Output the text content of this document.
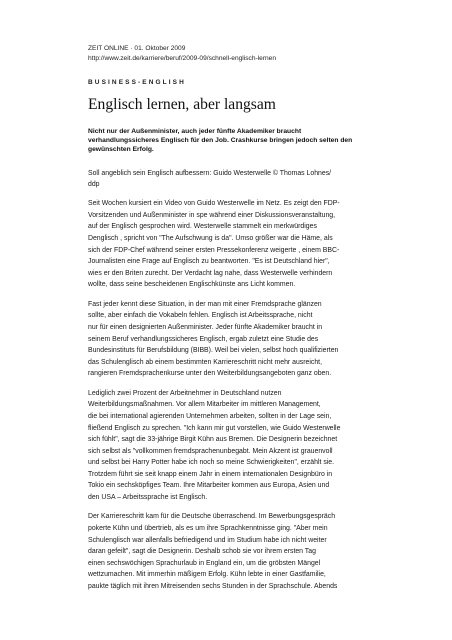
ZEIT ONLINE · 01. Oktober 2009
http://www.zeit.de/karriere/beruf/2009-09/schnell-englisch-lernen
BUSINESS-ENGLISH
Englisch lernen, aber langsam
Nicht nur der Außenminister, auch jeder fünfte Akademiker braucht
verhandlungssicheres Englisch für den Job. Crashkurse bringen jedoch selten den
gewünschten Erfolg.
Soll angeblich sein Englisch aufbessern: Guido Westerwelle © Thomas Lohnes/
ddp
Seit Wochen kursiert ein Video von Guido Westerwelle im Netz. Es zeigt den FDP-
Vorsitzenden und Außenminister in spe während einer Diskussionsveranstaltung,
auf der Englisch gesprochen wird. Westerwelle stammelt ein merkwürdiges
Denglisch , spricht von "The Aufschwung is da". Umso größer war die Häme, als
sich der FDP-Chef während seiner ersten Pressekonferenz weigerte , einem BBC-
Journalisten eine Frage auf Englisch zu beantworten. "Es ist Deutschland hier",
wies er den Briten zurecht. Der Verdacht lag nahe, dass Westerwelle verhindern
wollte, dass seine bescheidenen Englischkünste ans Licht kommen.
Fast jeder kennt diese Situation, in der man mit einer Fremdsprache glänzen
sollte, aber einfach die Vokabeln fehlen. Englisch ist Arbeitssprache, nicht
nur für einen designierten Außenminister. Jeder fünfte Akademiker braucht in
seinem Beruf verhandlungssicheres Englisch, ergab zuletzt eine Studie des
Bundesinstituts für Berufsbildung (BIBB). Weil bei vielen, selbst hoch qualifizierten
das Schulenglisch ab einem bestimmten Karriereschritt nicht mehr ausreicht,
rangieren Fremdsprachenkurse unter den Weiterbildungsangeboten ganz oben.
Lediglich zwei Prozent der Arbeitnehmer in Deutschland nutzen
Weiterbildungsmaßnahmen. Vor allem Mitarbeiter im mittleren Management,
die bei international agierenden Unternehmen arbeiten, sollten in der Lage sein,
fließend Englisch zu sprechen. "Ich kann mir gut vorstellen, wie Guido Westerwelle
sich fühlt", sagt die 33-jährige Birgit Kühn aus Bremen. Die Designerin bezeichnet
sich selbst als "vollkommen fremdsprachenunbegabt. Mein Akzent ist grauenvoll
und selbst bei Harry Potter habe ich noch so meine Schwierigkeiten", erzählt sie.
Trotzdem führt sie seit knapp einem Jahr in einem internationalen Designbüro in
Tokio ein sechsköpfiges Team. Ihre Mitarbeiter kommen aus Europa, Asien und
den USA – Arbeitssprache ist Englisch.
Der Karriereschritt kam für die Deutsche überraschend. Im Bewerbungsgespräch
pokerte Kühn und übertrieb, als es um ihre Sprachkenntnisse ging. "Aber mein
Schulenglisch war allenfalls befriedigend und im Studium habe ich nicht weiter
daran gefeilt", sagt die Designerin. Deshalb schob sie vor ihrem ersten Tag
einen sechswöchigen Sprachurlaub in England ein, um die gröbsten Mängel
wettzumachen. Mit immerhin mäßigem Erfolg. Kühn lebte in einer Gastfamilie,
paukte täglich mit ihren Mitreisenden sechs Stunden in der Sprachschule. Abends
